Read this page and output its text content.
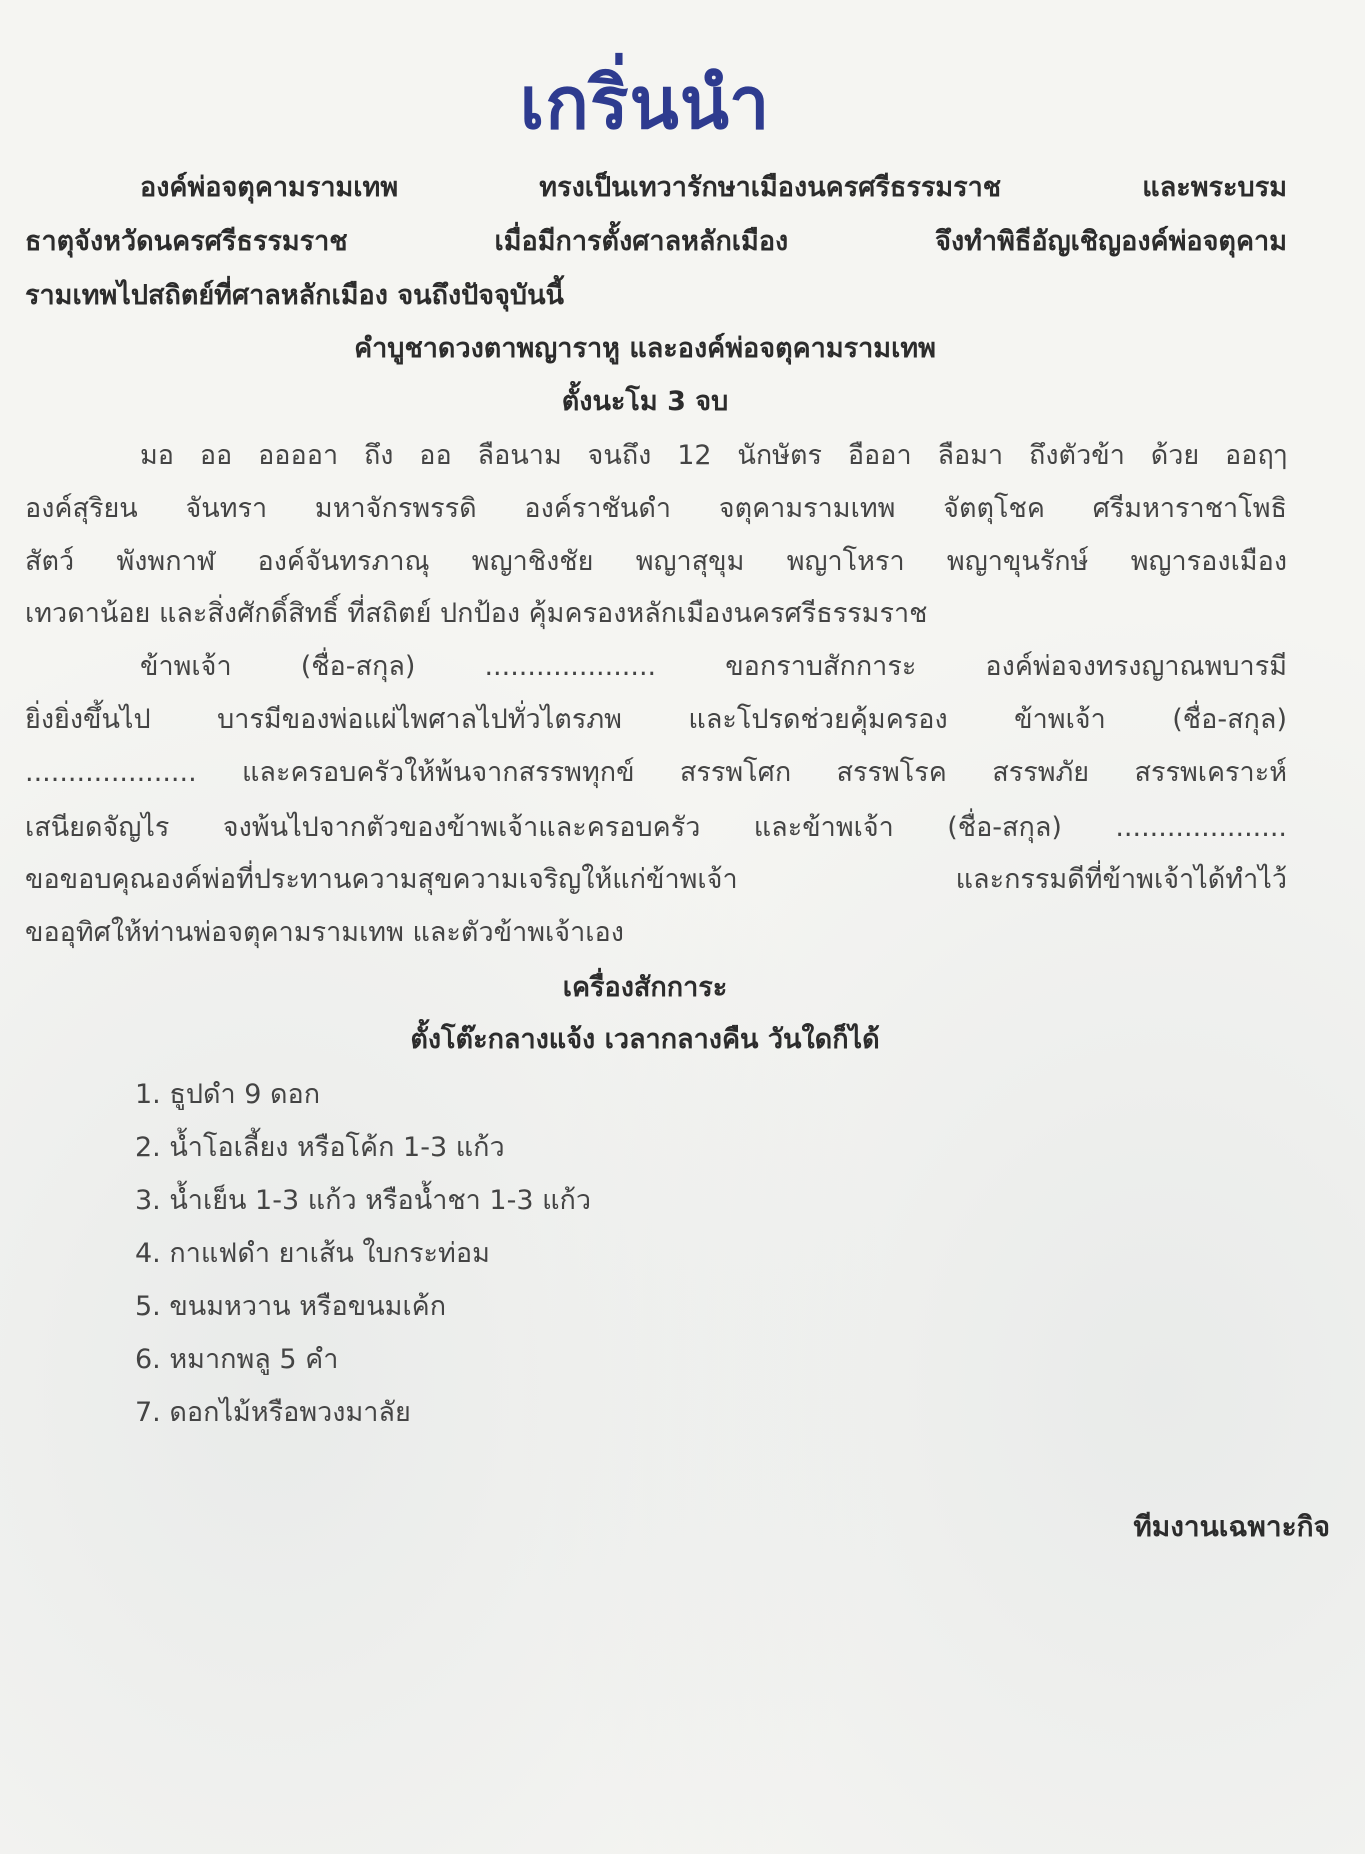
เกริ่นนำ
องค์พ่อจตุคามรามเทพ ทรงเป็นเทวารักษาเมืองนครศรีธรรมราช และพระบรม
ธาตุจังหวัดนครศรีธรรมราช เมื่อมีการตั้งศาลหลักเมือง จึงทำพิธีอัญเชิญองค์พ่อจตุคาม
รามเทพไปสถิตย์ที่ศาลหลักเมือง จนถึงปัจจุบันนี้
คำบูชาดวงตาพญาราหู และองค์พ่อจตุคามรามเทพ
ตั้งนะโม 3 จบ
มอ ออ ออออา ถึง ออ ลือนาม จนถึง 12 นักษัตร อืออา ลือมา ถึงตัวข้า ด้วย ออฤๅ
องค์สุริยน จันทรา มหาจักรพรรดิ องค์ราชันดำ จตุคามรามเทพ จัตตุโชค ศรีมหาราชาโพธิ
สัตว์ พังพกาฬ องค์จันทรภาณุ พญาชิงชัย พญาสุขุม พญาโหรา พญาขุนรักษ์ พญารองเมือง
เทวดาน้อย และสิ่งศักดิ์สิทธิ์ ที่สถิตย์ ปกป้อง คุ้มครองหลักเมืองนครศรีธรรมราช
ข้าพเจ้า (ชื่อ-สกุล) .................... ขอกราบสักการะ องค์พ่อจงทรงญาณพบารมี
ยิ่งยิ่งขึ้นไป บารมีของพ่อแผ่ไพศาลไปทั่วไตรภพ และโปรดช่วยคุ้มครอง ข้าพเจ้า (ชื่อ-สกุล)
.................... และครอบครัวให้พ้นจากสรรพทุกข์ สรรพโศก สรรพโรค สรรพภัย สรรพเคราะห์
เสนียดจัญไร จงพ้นไปจากตัวของข้าพเจ้าและครอบครัว และข้าพเจ้า (ชื่อ-สกุล) ....................
ขอขอบคุณองค์พ่อที่ประทานความสุขความเจริญให้แก่ข้าพเจ้า และกรรมดีที่ข้าพเจ้าได้ทำไว้
ขออุทิศให้ท่านพ่อจตุคามรามเทพ และตัวข้าพเจ้าเอง
เครื่องสักการะ
ตั้งโต๊ะกลางแจ้ง เวลากลางคืน วันใดก็ได้
1. ธูปดำ 9 ดอก
2. น้ำโอเลี้ยง หรือโค้ก 1-3 แก้ว
3. น้ำเย็น 1-3 แก้ว หรือน้ำชา 1-3 แก้ว
4. กาแฟดำ ยาเส้น ใบกระท่อม
5. ขนมหวาน หรือขนมเค้ก
6. หมากพลู 5 คำ
7. ดอกไม้หรือพวงมาลัย
ทีมงานเฉพาะกิจ
